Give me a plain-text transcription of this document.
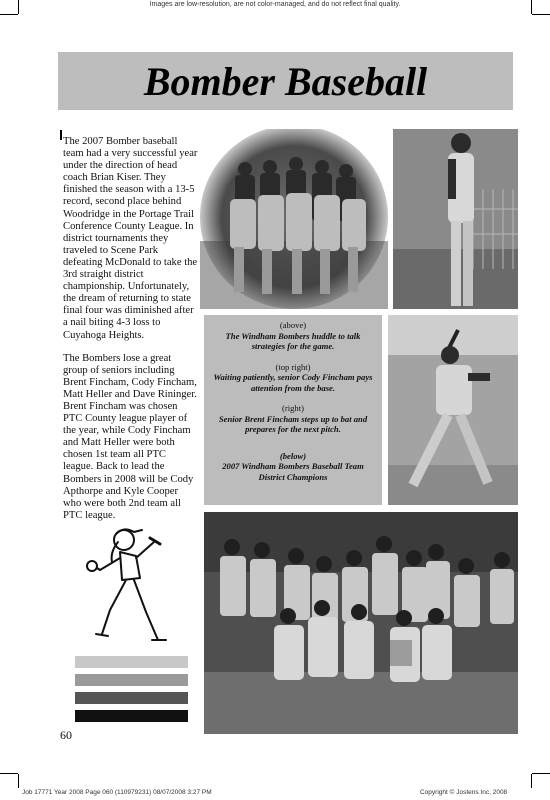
Images are low-resolution, are not color-managed, and do not reflect final quality.
Bomber Baseball

The 2007 Bomber baseball team had a very successful year under the direction of head coach Brian Kiser. They finished the season with a 13-5 record, second place behind Woodridge in the Portage Trail Conference County League. In district tournaments they traveled to Scene Park defeating McDonald to take the 3rd straight district championship. Unfortunately, the dream of returning to state final four was diminished after a nail biting 4-3 loss to Cuyahoga Heights.

The Bombers lose a great group of seniors including Brent Fincham, Cody Fincham, Matt Heller and Dave Rininger. Brent Fincham was chosen PTC County league player of the year, while Cody Fincham and Matt Heller were both chosen 1st team all PTC league. Back to lead the Bombers in 2008 will be Cody Apthorpe and Kyle Cooper who were both 2nd team all PTC league.

(above)
The Windham Bombers huddle to talk strategies for the game.
(top right)
Waiting patiently, senior Cody Fincham pays attention from the base.
(right)
Senior Brent Fincham steps up to bat and prepares for the next pitch.
(below)
2007 Windham Bombers Baseball Team District Champions
60
Job 17771 Year 2008 Page 060 (110979231) 08/07/2008 3:27 PM	Copyright © Jostens Inc, 2008
